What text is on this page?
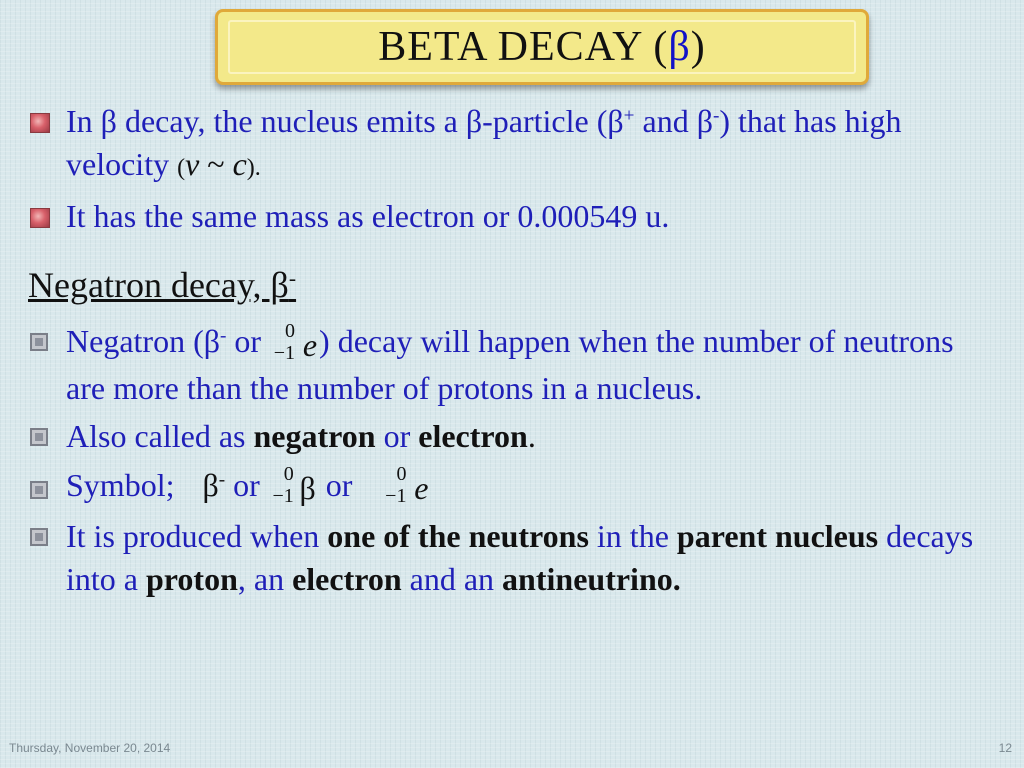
BETA DECAY (β)
In β decay, the nucleus emits a β-particle (β+ and β-) that has high velocity (v ~ c).
It has the same mass as electron or 0.000549 u.
Negatron decay, β-
Negatron (β- or 0
−1 e ) decay will happen when the number of neutrons are more than the number of protons in a nucleus.
Also called as negatron or electron.
Symbol; β- or 0
−1 β or 0
−1 e
It is produced when one of the neutrons in the parent nucleus decays into a proton, an electron and an antineutrino.
Thursday, November 20, 2014	12
